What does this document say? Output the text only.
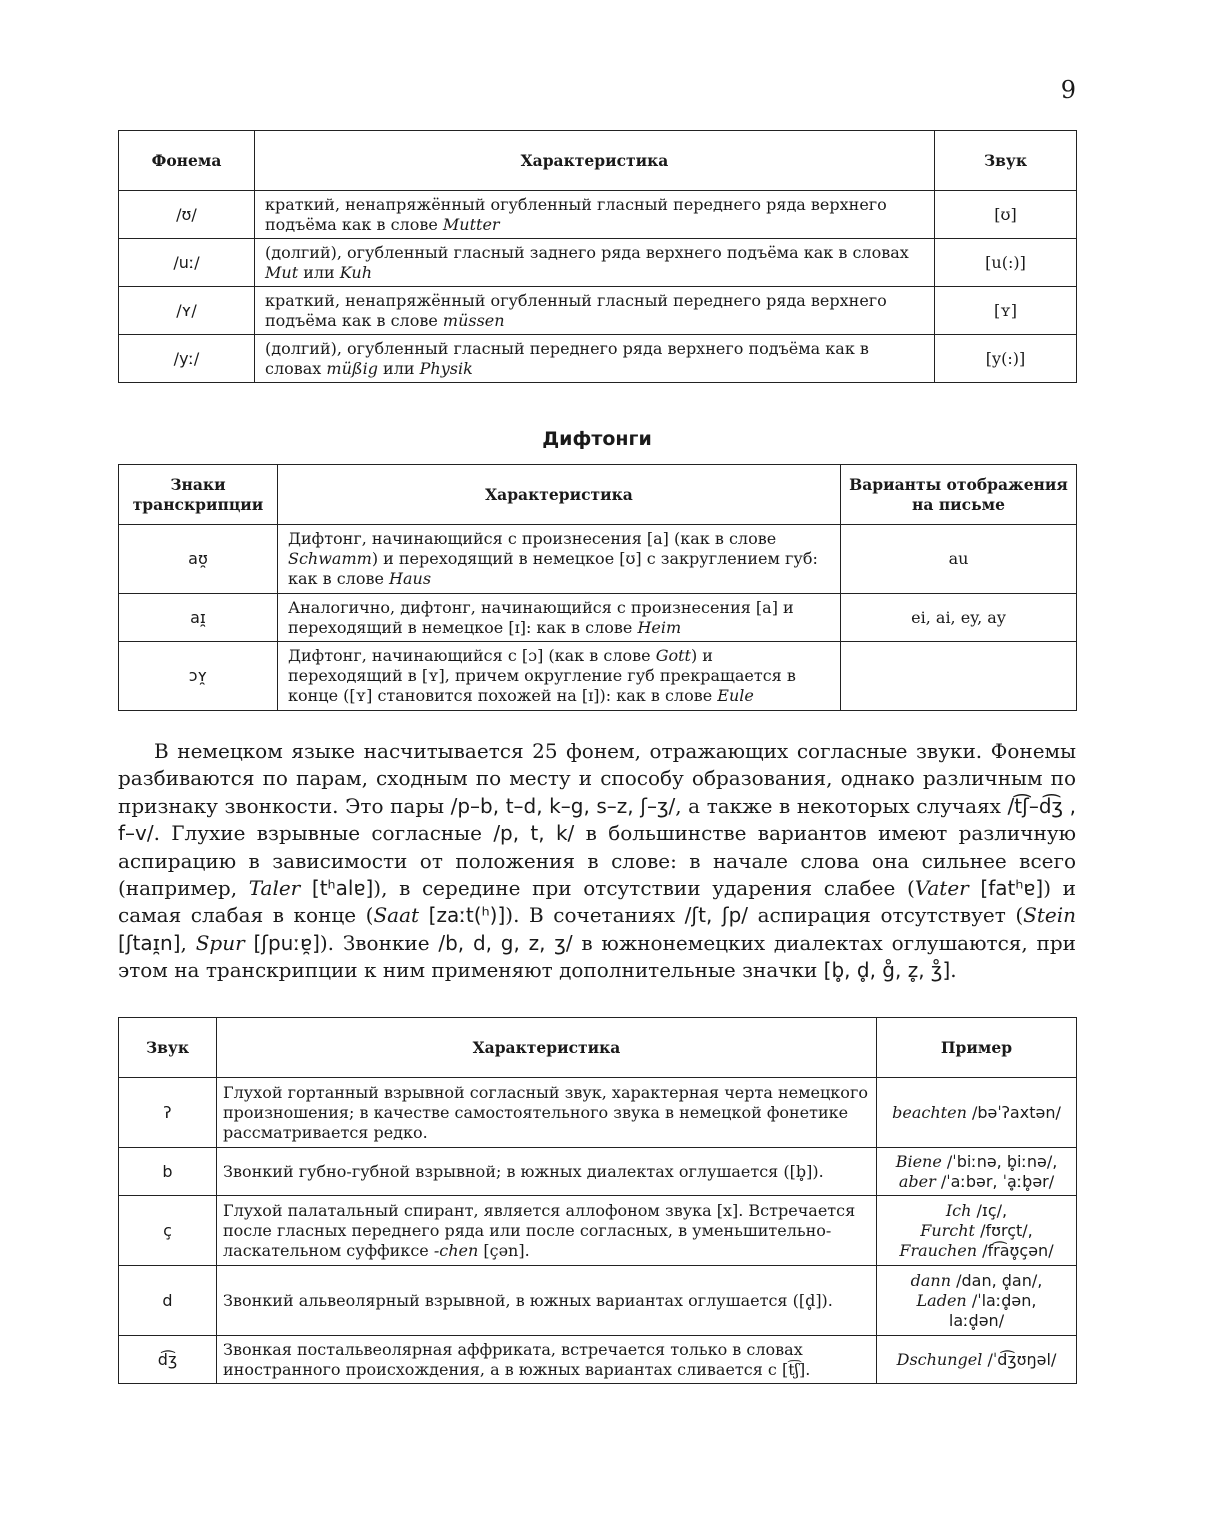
9
Фонема	Характеристика	Звук
/ʊ/	краткий, ненапряжённый огубленный гласный переднего ряда верхнего подъёма как в слове Mutter	[ʊ]
/uː/	(долгий), огубленный гласный заднего ряда верхнего подъёма как в словах Mut или Kuh	[u(:)]
/ʏ/	краткий, ненапряжённый огубленный гласный переднего ряда верхнего подъёма как в слове müssen	[ʏ]
/yː/	(долгий), огубленный гласный переднего ряда верхнего подъёма как в словах müßig или Physik	[y(:)]
Дифтонги
Знаки транскрипции	Характеристика	Варианты отображения на письме
aʊ̯	Дифтонг, начинающийся с произнесения [a] (как в слове Schwamm) и переходящий в немецкое [ʊ] с закруглением губ: как в слове Haus	au
aɪ̯	Аналогично, дифтонг, начинающийся с произнесения [a] и переходящий в немецкое [ɪ]: как в слове Heim	ei, ai, ey, ay
ɔʏ̯	Дифтонг, начинающийся с [ɔ] (как в слове Gott) и переходящий в [ʏ], причем округление губ прекращается в конце ([ʏ] становится похожей на [ɪ]): как в слове Eule	

В немецком языке насчитывается 25 фонем, отражающих согласные звуки. Фонемы разбиваются по парам, сходным по месту и способу образования, однако различным по признаку звонкости. Это пары /p–b, t–d, k–g, s–z, ʃ–ʒ/, а также в некоторых случаях /t͡ʃ–d͡ʒ , f–v/. Глухие взрывные согласные /p, t, k/ в большинстве вариантов имеют различную аспирацию в зависимости от положения в слове: в начале слова она сильнее всего (например, Taler [tʰalɐ]), в середине при отсутствии ударения слабее (Vater [fatʰɐ]) и самая слабая в конце (Saat [zaːt(ʰ)]). В сочетаниях /ʃt, ʃp/ аспирация отсутствует (Stein [ʃtaɪ̯n], Spur [ʃpuːɐ̯]). Звонкие /b, d, g, z, ʒ/ в южнонемецких диалектах оглушаются, при этом на транскрипции к ним применяют дополнительные значки [b̥, d̥, g̊, z̥, ʒ̊].

Звук	Характеристика	Пример
ʔ	Глухой гортанный взрывной согласный звук, характерная черта немецкого произношения; в качестве самостоятельного звука в немецкой фонетике рассматривается редко.	beachten /bəˈʔaxtən/
b	Звонкий губно-губной взрывной; в южных диалектах оглушается ([b̥]).	Biene /ˈbiːnə, b̥iːnə/,
aber /ˈaːbər, ˈḁːb̥ər/

ç	Глухой палатальный спирант, является аллофоном звука [x]. Встречается после гласных переднего ряда или после согласных, в уменьшительно-ласкательном суффиксе -chen [çən].	Ich /ɪç/,
Furcht /fʊrçt/,
Frauchen /fr͡aʊ̥çən/

d	Звонкий альвеолярный взрывной, в южных вариантах оглушается ([d̥]).	dann /dan, d̥an/,
Laden /ˈlaːd̥ən,
laːd̥ən/

d͡ʒ	Звонкая постальвеолярная аффриката, встречается только в словах иностранного происхождения, а в южных вариантах сливается с [t͡ʃ].	Dschungel /ˈd͡ʒʊŋəl/
